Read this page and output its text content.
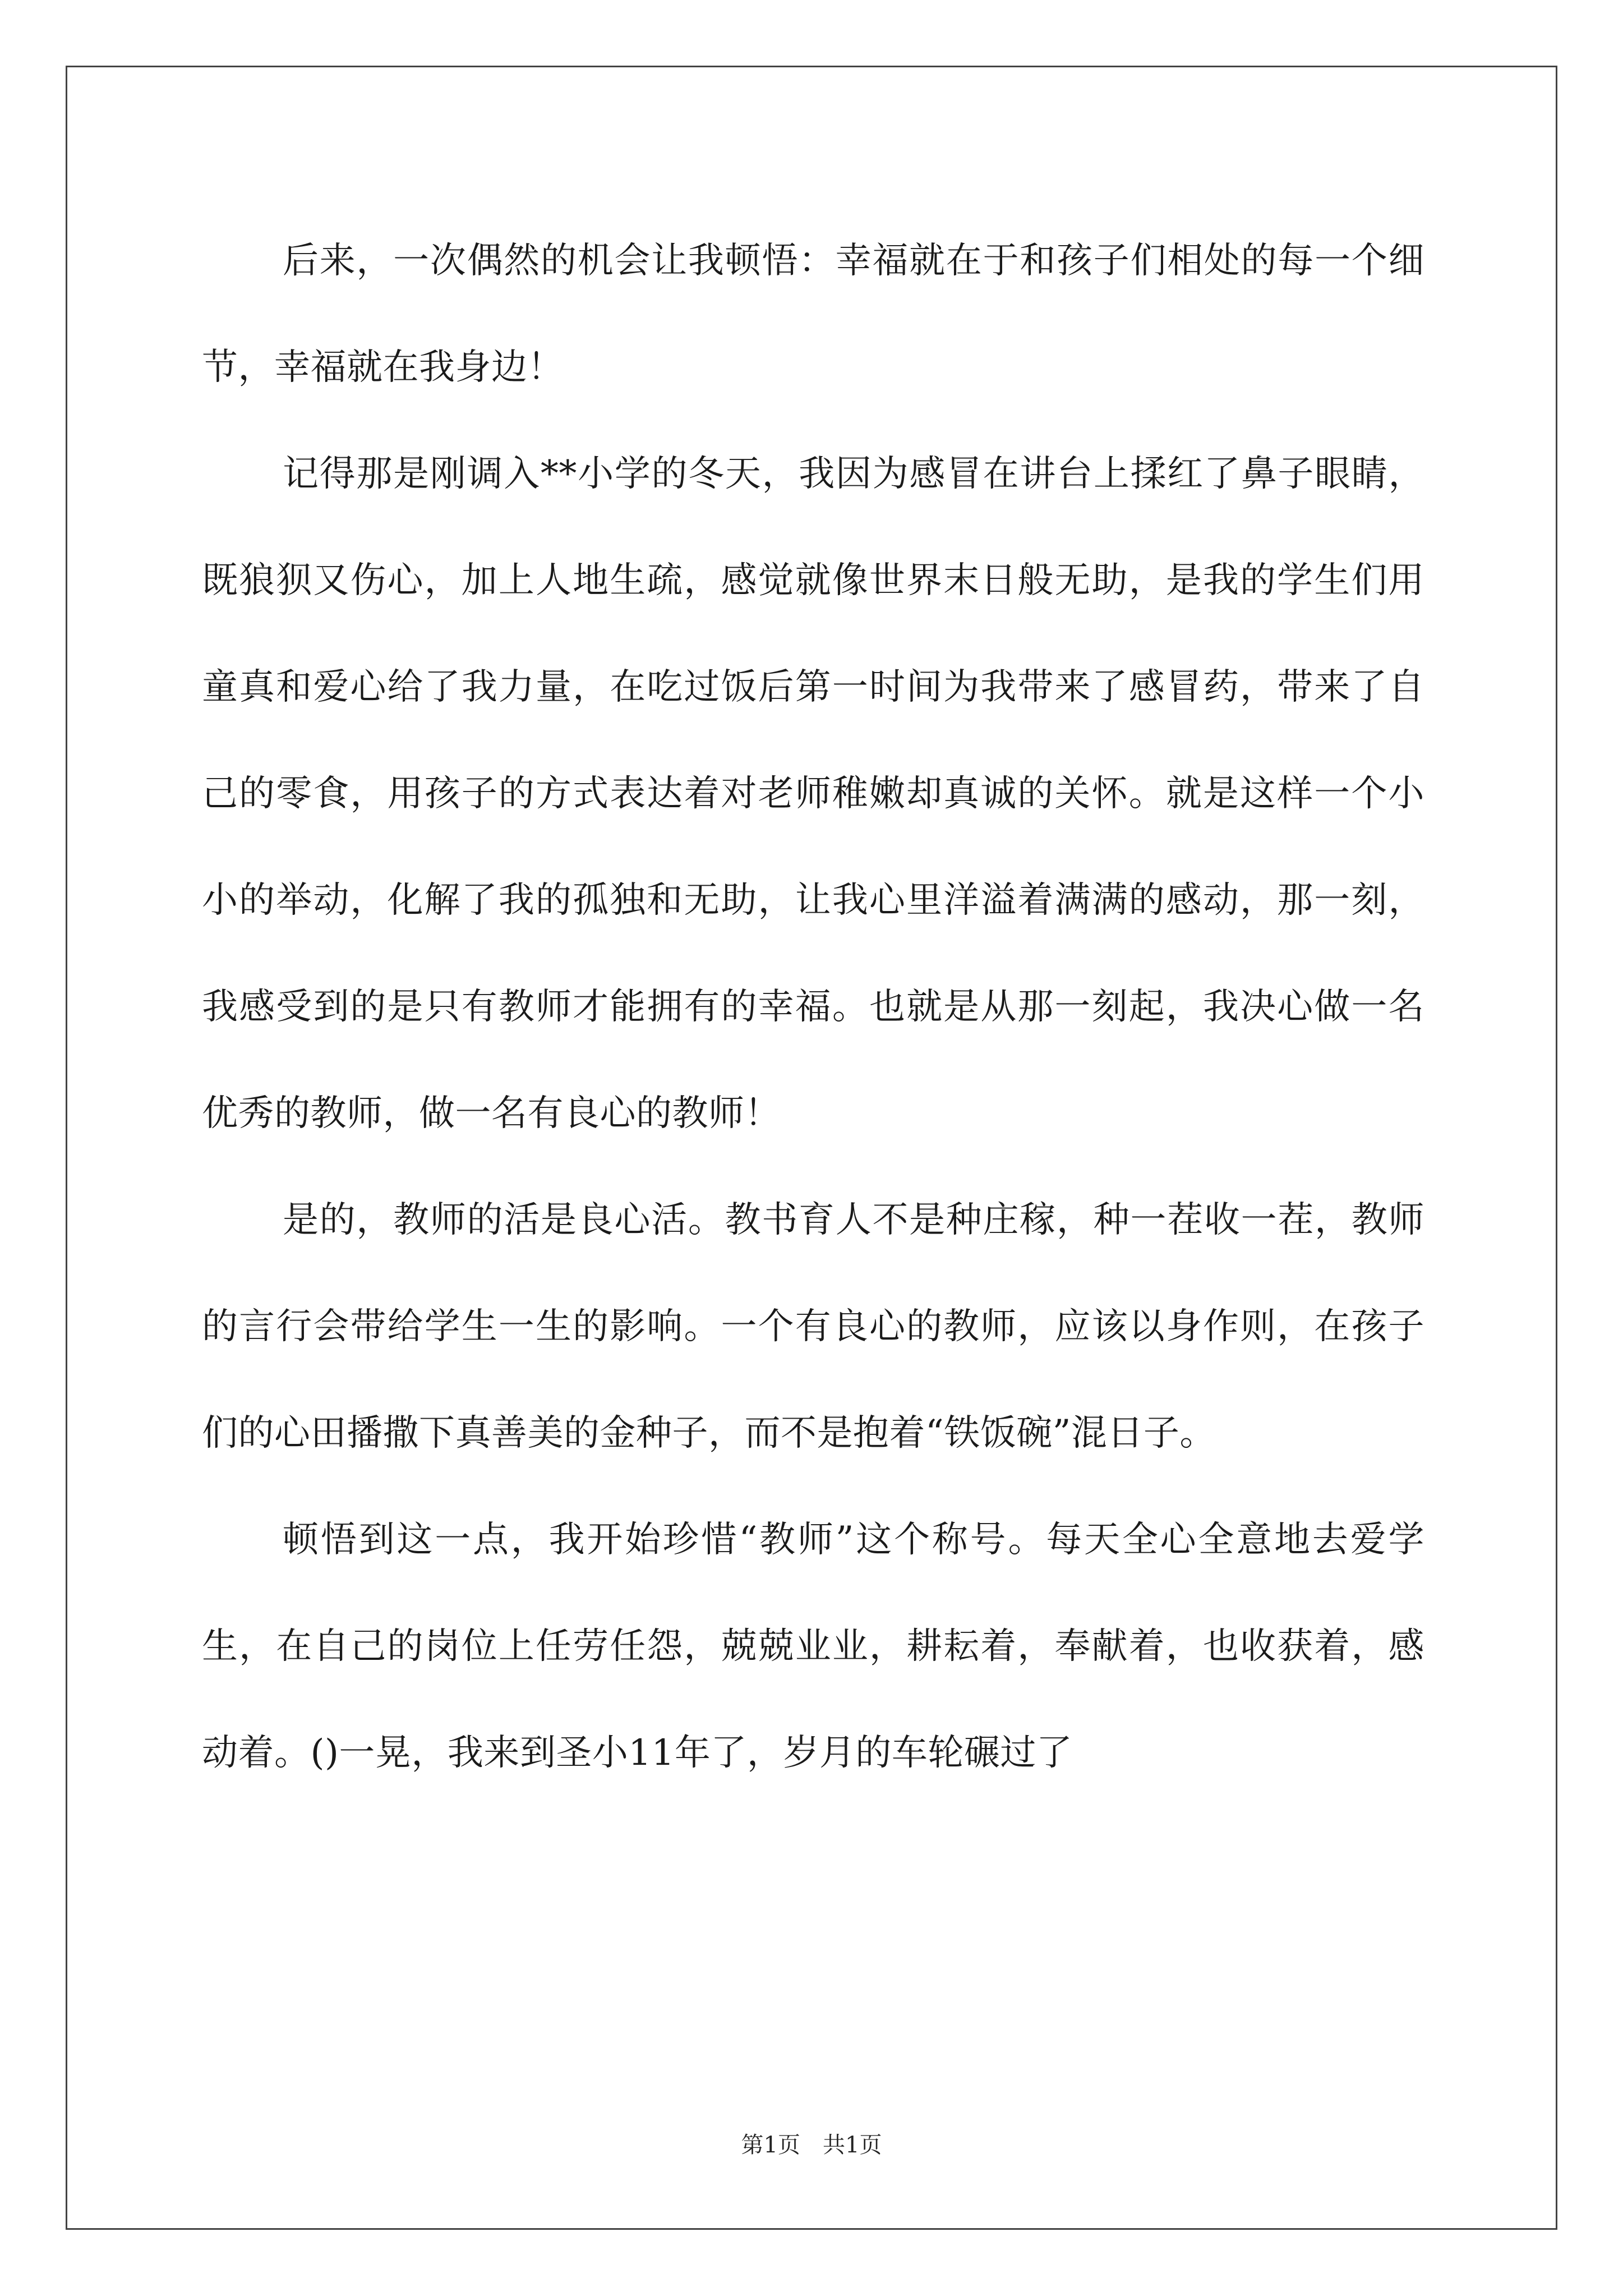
后来，一次偶然的机会让我顿悟：幸福就在于和孩子们相处的每一个细节，幸福就在我身边！

记得那是刚调入**小学的冬天，我因为感冒在讲台上揉红了鼻子眼睛，既狼狈又伤心，加上人地生疏，感觉就像世界末日般无助，是我的学生们用童真和爱心给了我力量，在吃过饭后第一时间为我带来了感冒药，带来了自己的零食，用孩子的方式表达着对老师稚嫩却真诚的关怀。就是这样一个小小的举动，化解了我的孤独和无助，让我心里洋溢着满满的感动，那一刻，我感受到的是只有教师才能拥有的幸福。也就是从那一刻起，我决心做一名优秀的教师，做一名有良心的教师！

是的，教师的活是良心活。教书育人不是种庄稼，种一茬收一茬，教师的言行会带给学生一生的影响。一个有良心的教师，应该以身作则，在孩子们的心田播撒下真善美的金种子，而不是抱着“铁饭碗”混日子。

顿悟到这一点，我开始珍惜“教师”这个称号。每天全心全意地去爱学生，在自己的岗位上任劳任怨，兢兢业业，耕耘着，奉献着，也收获着，感动着。()一晃，我来到圣小11年了，岁月的车轮碾过了

第1页　共1页
